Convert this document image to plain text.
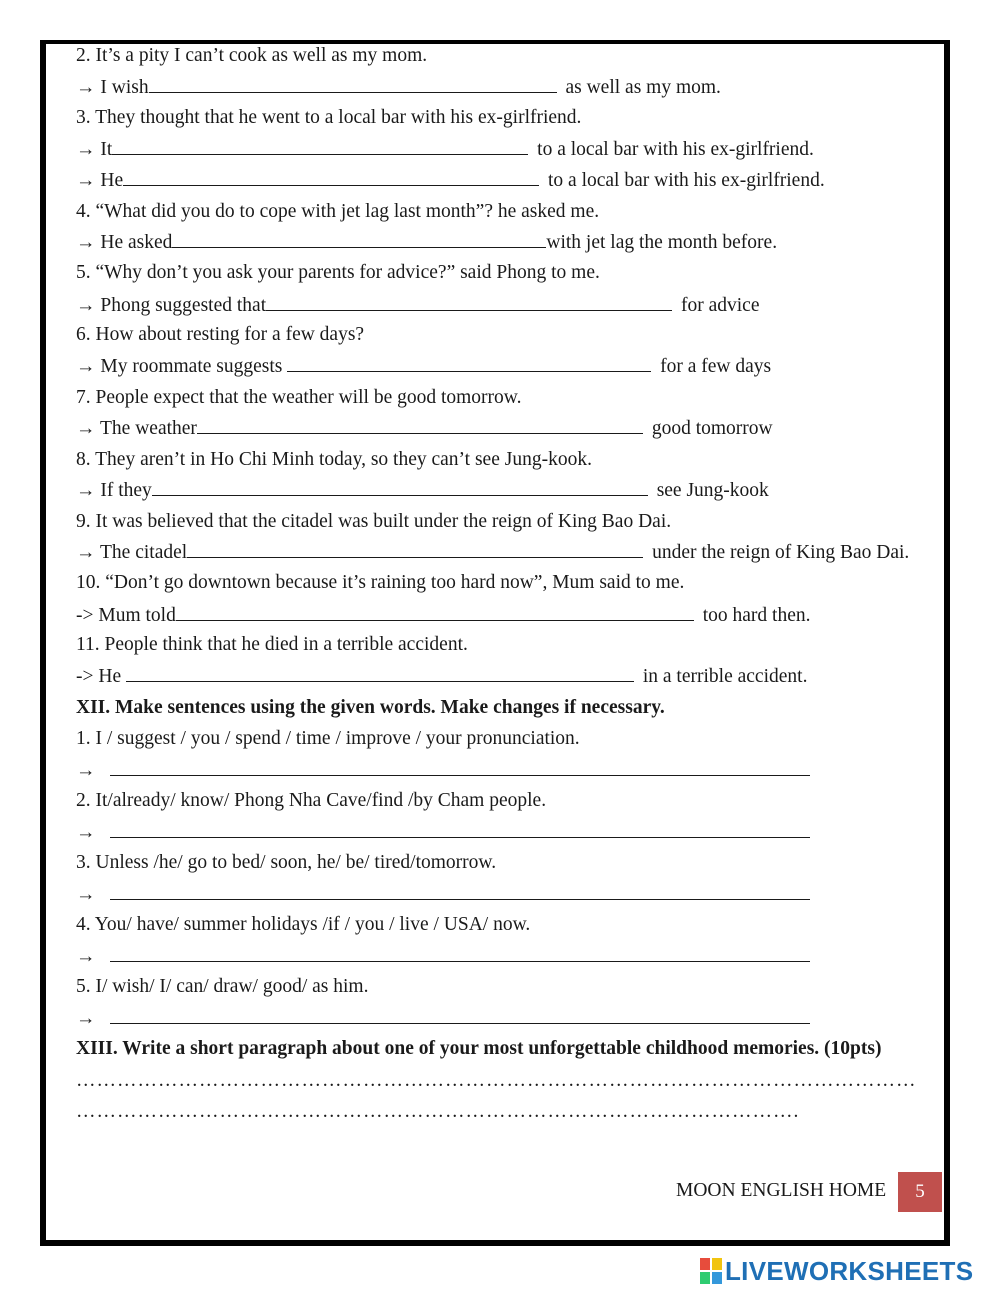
2. It’s a pity I can’t cook as well as my mom.
→ I wish	as well as my mom.
3. They thought that he went to a local bar with his ex-girlfriend.
→ It	to a local bar with his ex-girlfriend.
→ He	to a local bar with his ex-girlfriend.
4. “What did you do to cope with jet lag last month”? he asked me.
→ He asked	with jet lag the month before.
5. “Why don’t you ask your parents for advice?” said Phong to me.
→ Phong suggested that	for advice
6. How about resting for a few days?
→ My roommate suggests	for a few days
7. People expect that the weather will be good tomorrow.
→ The weather	good tomorrow
8. They aren’t in Ho Chi Minh today, so they can’t see Jung-kook.
→ If they	see Jung-kook
9. It was believed that the citadel was built under the reign of King Bao Dai.
→ The citadel	under the reign of King Bao Dai.
10. “Don’t go downtown because it’s raining too hard now”, Mum said to me.
-> Mum told	too hard then.
11. People think that he died in a terrible accident.
-> He	in a terrible accident.
XII. Make sentences using the given words. Make changes if necessary.
1. I / suggest / you / spend / time / improve / your pronunciation.
→
2. It/already/ know/ Phong Nha Cave/find /by Cham people.
→
3. Unless /he/ go to bed/ soon, he/ be/ tired/tomorrow.
→
4. You/ have/ summer holidays /if / you / live / USA/ now.
→
5. I/ wish/ I/ can/ draw/ good/ as him.
→
XIII. Write a short paragraph about one of your most unforgettable childhood memories. (10pts)
……………………………………………………………………………………………………………
…………………………………………………………………………………………….
MOON ENGLISH HOME	5
LIVEWORKSHEETS
